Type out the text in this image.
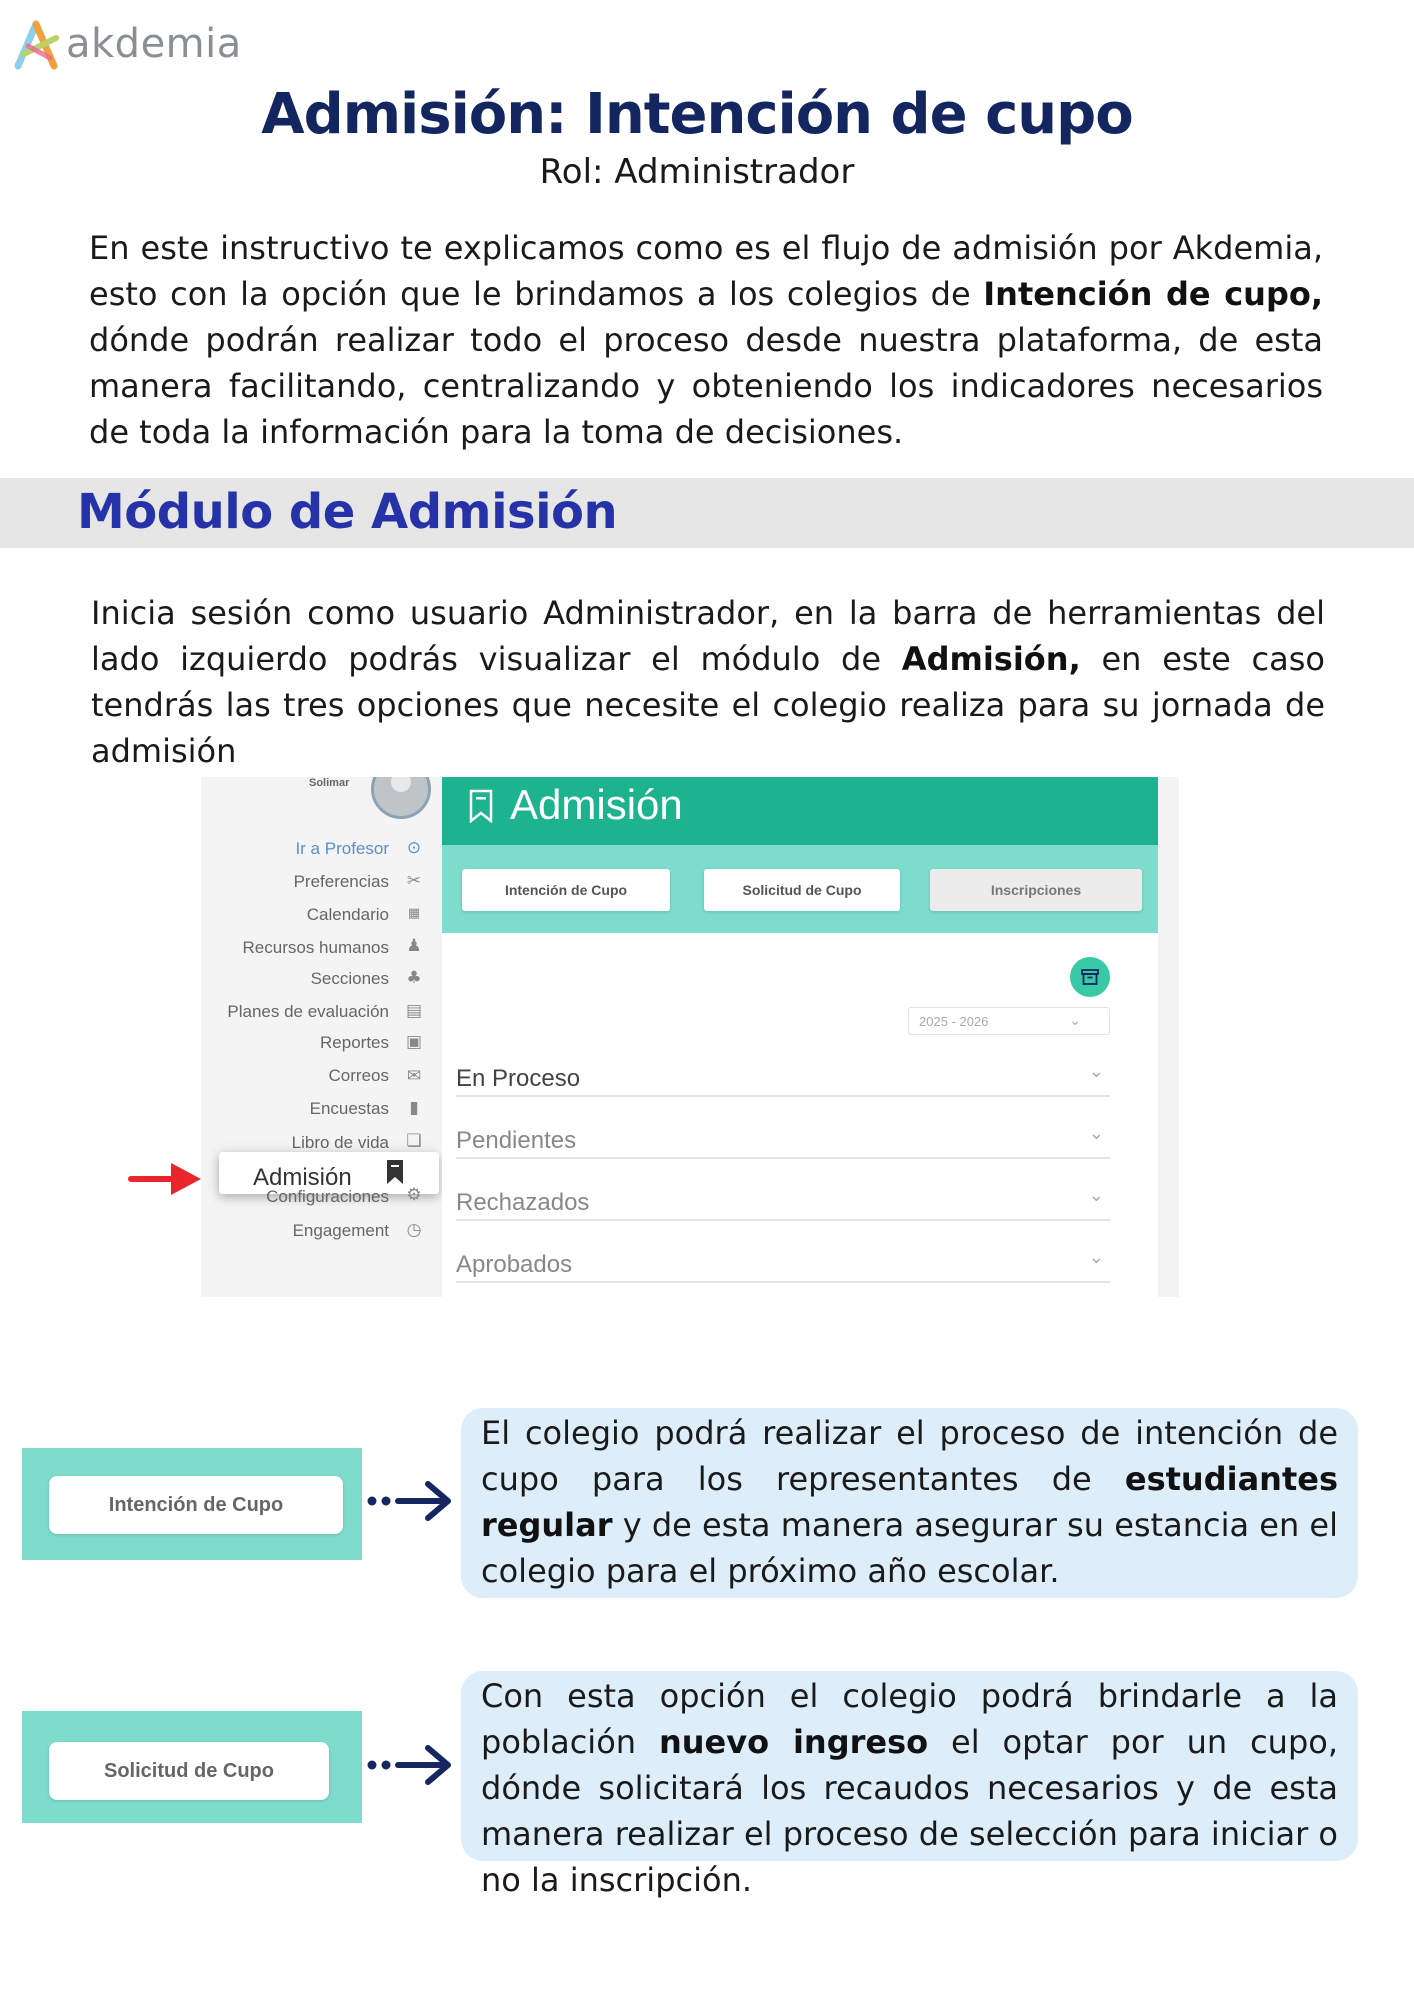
akdemia
Admisión: Intención de cupo
Rol: Administrador

En este instructivo te explicamos como es el flujo de admisión por Akdemia, esto con la opción que le brindamos a los colegios de Intención de cupo, dónde podrán realizar todo el proceso desde nuestra plataforma, de esta manera facilitando, centralizando y obteniendo los indicadores necesarios de toda la información para la toma de decisiones.

Módulo de Admisión

Inicia sesión como usuario Administrador, en la barra de herramientas del lado izquierdo podrás visualizar el módulo de Admisión, en este caso tendrás las tres opciones que necesite el colegio realiza para su jornada de admisión

Solimar
Ir a Profesor ⊙
Preferencias ✂
Calendario	▦
Recursos humanos ♟
Secciones ♣
Planes de evaluación ▤
Reportes ▣
Correos ✉
Encuestas	▮
Libro de vida ❏
Admisión
Configuraciones ⚙
Engagement ◷
Admisión
Intención de Cupo	Solicitud de Cupo	Inscripciones
2025 - 2026	⌄
En Proceso	⌄
Pendientes	⌄
Rechazados	⌄
Aprobados	⌄
Intención de Cupo
El colegio podrá realizar el proceso de intención de cupo para los representantes de estudiantes regular y de esta manera asegurar su estancia en el colegio para el próximo año escolar.
Solicitud de Cupo
Con esta opción el colegio podrá brindarle a la población nuevo ingreso el optar por un cupo, dónde solicitará los recaudos necesarios y de esta manera realizar el proceso de selección para iniciar o no la inscripción.
